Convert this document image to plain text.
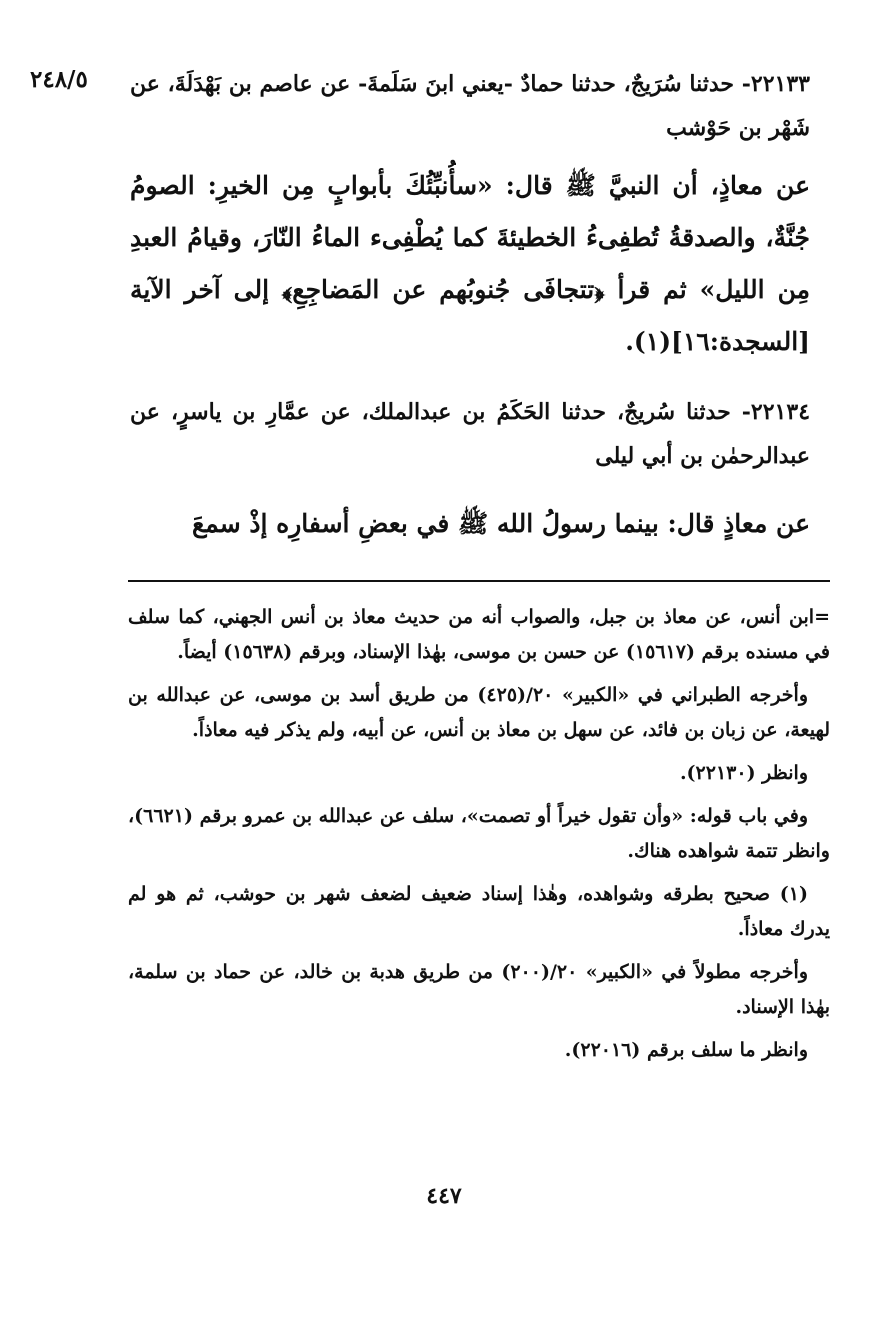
٢٤٨/٥ ٢٢١٣٣- حدثنا سُرَيجٌ، حدثنا حمادٌ -يعني ابنَ سَلَمةَ- عن عاصم بن بَهْدَلَةَ، عن شَهْر بن حَوْشب
عن معاذٍ، أن النبيَّ ﷺ قال: «سأُنبِّئُكَ بأبوابٍ مِن الخيرِ: الصومُ جُنَّةٌ، والصدقةُ تُطفِىءُ الخطيئةَ كما يُطْفِىء الماءُ النّارَ، وقيامُ العبدِ مِن الليل» ثم قرأ ﴿تتجافَى جُنوبُهم عن المَضاجِعِ﴾ إلى آخر الآية [السجدة:١٦](١).
٢٢١٣٤- حدثنا سُريجٌ، حدثنا الحَكَمُ بن عبدالملك، عن عمَّارِ بن ياسرٍ، عن عبدالرحمٰن بن أبي ليلى
عن معاذٍ قال: بينما رسولُ الله ﷺ في بعضِ أسفارِه إذْ سمعَ

=ابن أنس، عن معاذ بن جبل، والصواب أنه من حديث معاذ بن أنس الجهني، كما سلف في مسنده برقم (١٥٦١٧) عن حسن بن موسى، بهٰذا الإسناد، وبرقم (١٥٦٣٨) أيضاً.

وأخرجه الطبراني في «الكبير» ٢٠/(٤٢٥) من طريق أسد بن موسى، عن عبدالله بن لهيعة، عن زبان بن فائد، عن سهل بن معاذ بن أنس، عن أبيه، ولم يذكر فيه معاذاً.

وانظر (٢٢١٣٠).

وفي باب قوله: «وأن تقول خيراً أو تصمت»، سلف عن عبدالله بن عمرو برقم (٦٦٢١)، وانظر تتمة شواهده هناك.

(١) صحيح بطرقه وشواهده، وهٰذا إسناد ضعيف لضعف شهر بن حوشب، ثم هو لم يدرك معاذاً.

وأخرجه مطولاً في «الكبير» ٢٠/(٢٠٠) من طريق هدبة بن خالد، عن حماد بن سلمة، بهٰذا الإسناد.

وانظر ما سلف برقم (٢٢٠١٦).

٤٤٧
